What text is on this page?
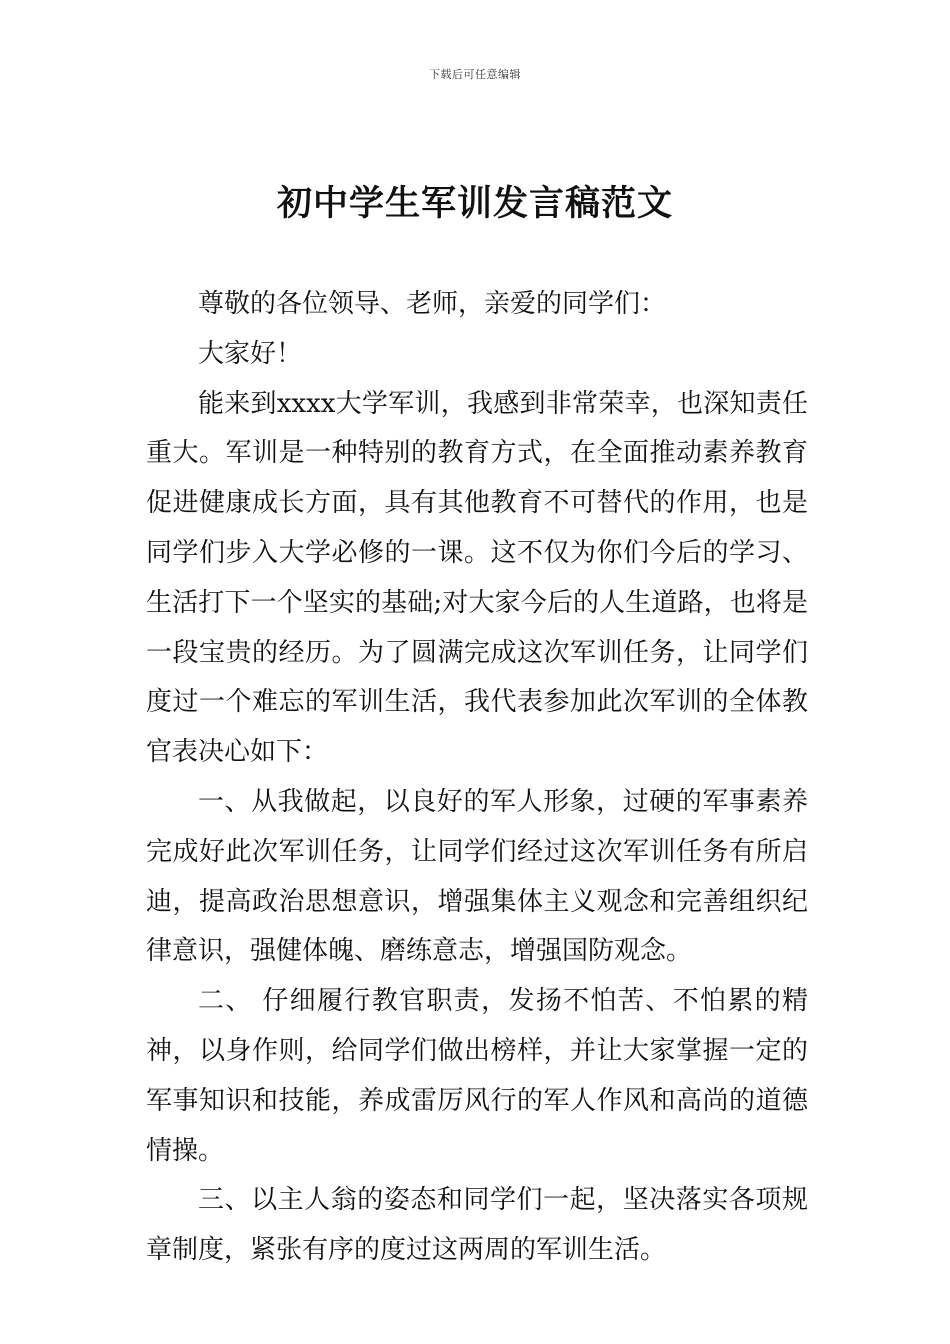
下载后可任意编辑
初中学生军训发言稿范文

尊敬的各位领导、老师，亲爱的同学们：

大家好！

能来到xxxx大学军训，我感到非常荣幸，也深知责任重大。军训是一种特别的教育方式，在全面推动素养教育促进健康成长方面，具有其他教育不可替代的作用，也是同学们步入大学必修的一课。这不仅为你们今后的学习、生活打下一个坚实的基础;对大家今后的人生道路，也将是一段宝贵的经历。为了圆满完成这次军训任务，让同学们度过一个难忘的军训生活，我代表参加此次军训的全体教官表决心如下：

一、从我做起，以良好的军人形象，过硬的军事素养完成好此次军训任务，让同学们经过这次军训任务有所启迪，提高政治思想意识，增强集体主义观念和完善组织纪律意识，强健体魄、磨练意志，增强国防观念。

二、 仔细履行教官职责，发扬不怕苦、不怕累的精神，以身作则，给同学们做出榜样，并让大家掌握一定的军事知识和技能，养成雷厉风行的军人作风和高尚的道德情操。

三、以主人翁的姿态和同学们一起，坚决落实各项规章制度，紧张有序的度过这两周的军训生活。
